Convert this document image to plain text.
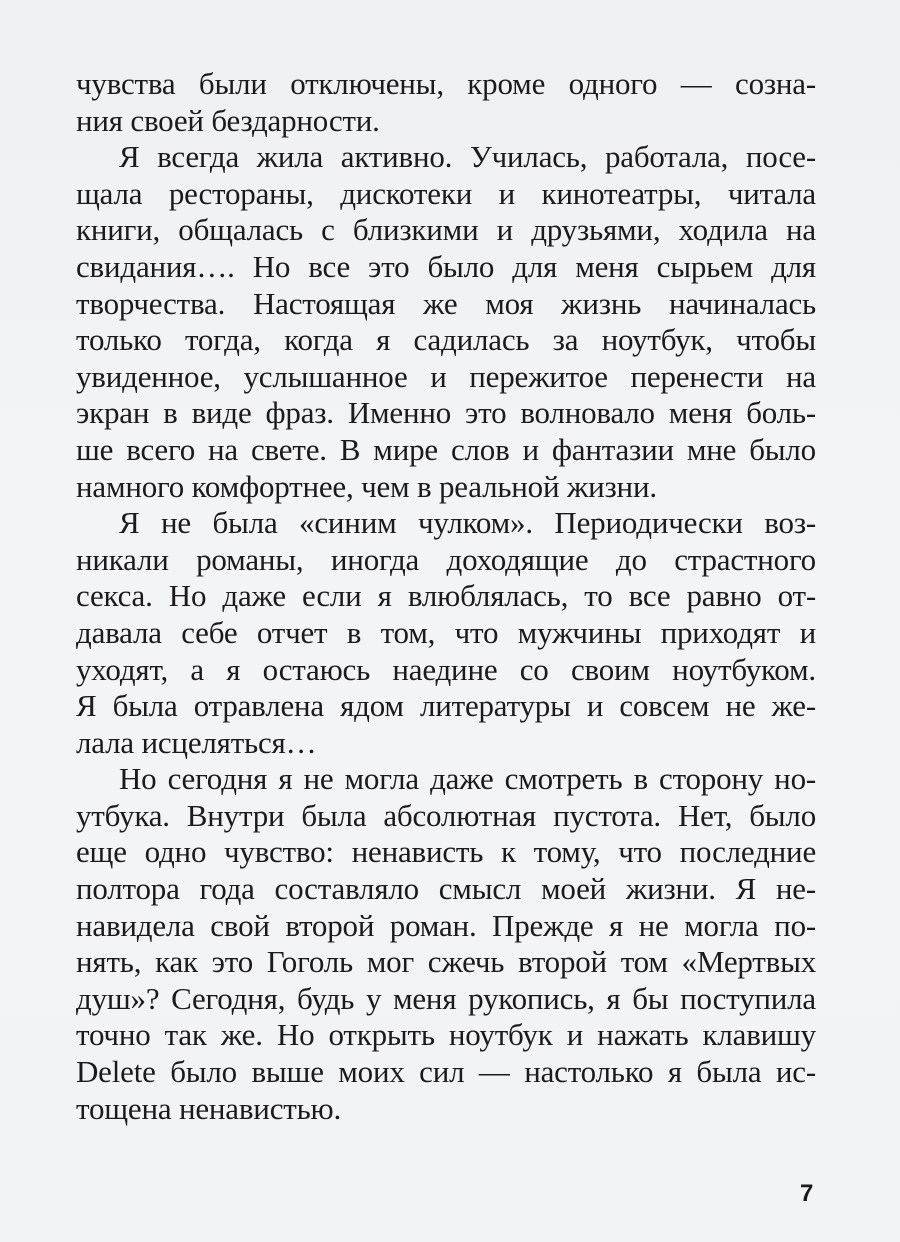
чувства были отключены, кроме одного — созна-
ния своей бездарности.
Я всегда жила активно. Училась, работала, посе-
щала рестораны, дискотеки и кинотеатры, читала
книги, общалась с близкими и друзьями, ходила на
свидания…. Но все это было для меня сырьем для
творчества. Настоящая же моя жизнь начиналась
только тогда, когда я садилась за ноутбук, чтобы
увиденное, услышанное и пережитое перенести на
экран в виде фраз. Именно это волновало меня боль-
ше всего на свете. В мире слов и фантазии мне было
намного комфортнее, чем в реальной жизни.
Я не была «синим чулком». Периодически воз-
никали романы, иногда доходящие до страстного
секса. Но даже если я влюблялась, то все равно от-
давала себе отчет в том, что мужчины приходят и
уходят, а я остаюсь наедине со своим ноутбуком.
Я была отравлена ядом литературы и совсем не же-
лала исцеляться…
Но сегодня я не могла даже смотреть в сторону но-
утбука. Внутри была абсолютная пустота. Нет, было
еще одно чувство: ненависть к тому, что последние
полтора года составляло смысл моей жизни. Я не-
навидела свой второй роман. Прежде я не могла по-
нять, как это Гоголь мог сжечь второй том «Мертвых
душ»? Сегодня, будь у меня рукопись, я бы поступила
точно так же. Но открыть ноутбук и нажать клавишу
Delete было выше моих сил — настолько я была ис-
тощена ненавистью.
7
